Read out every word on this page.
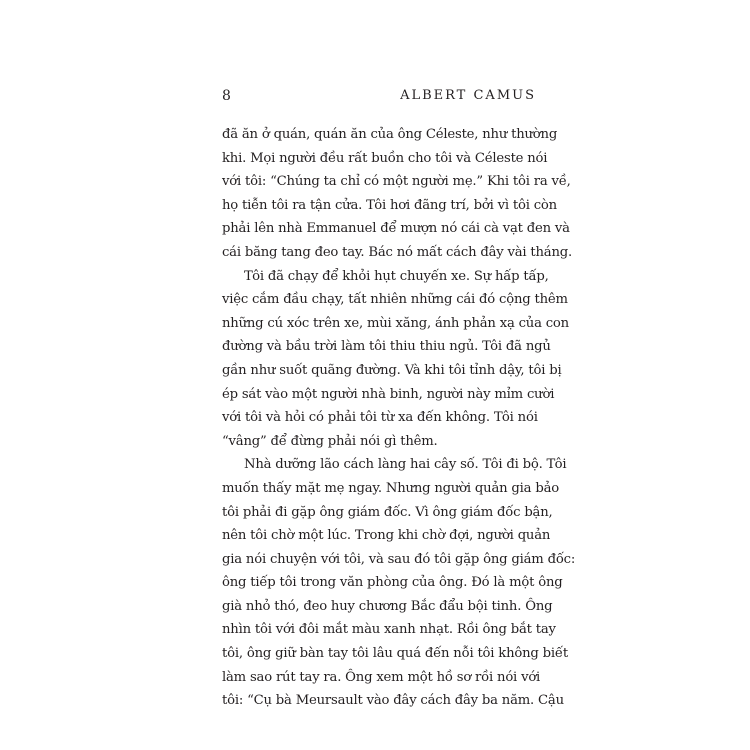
8	ALBERT CAMUS
đã ăn ở quán, quán ăn của ông Céleste, như thường
khi. Mọi người đều rất buồn cho tôi và Céleste nói
với tôi: “Chúng ta chỉ có một người mẹ.” Khi tôi ra về,
họ tiễn tôi ra tận cửa. Tôi hơi đãng trí, bởi vì tôi còn
phải lên nhà Emmanuel để mượn nó cái cà vạt đen và
cái băng tang đeo tay. Bác nó mất cách đây vài tháng.
Tôi đã chạy để khỏi hụt chuyến xe. Sự hấp tấp,
việc cắm đầu chạy, tất nhiên những cái đó cộng thêm
những cú xóc trên xe, mùi xăng, ánh phản xạ của con
đường và bầu trời làm tôi thiu thiu ngủ. Tôi đã ngủ
gần như suốt quãng đường. Và khi tôi tỉnh dậy, tôi bị
ép sát vào một người nhà binh, người này mỉm cười
với tôi và hỏi có phải tôi từ xa đến không. Tôi nói
“vâng” để đừng phải nói gì thêm.
Nhà dưỡng lão cách làng hai cây số. Tôi đi bộ. Tôi
muốn thấy mặt mẹ ngay. Nhưng người quản gia bảo
tôi phải đi gặp ông giám đốc. Vì ông giám đốc bận,
nên tôi chờ một lúc. Trong khi chờ đợi, người quản
gia nói chuyện với tôi, và sau đó tôi gặp ông giám đốc:
ông tiếp tôi trong văn phòng của ông. Đó là một ông
già nhỏ thó, đeo huy chương Bắc đẩu bội tinh. Ông
nhìn tôi với đôi mắt màu xanh nhạt. Rồi ông bắt tay
tôi, ông giữ bàn tay tôi lâu quá đến nỗi tôi không biết
làm sao rút tay ra. Ông xem một hồ sơ rồi nói với
tôi: “Cụ bà Meursault vào đây cách đây ba năm. Cậu
